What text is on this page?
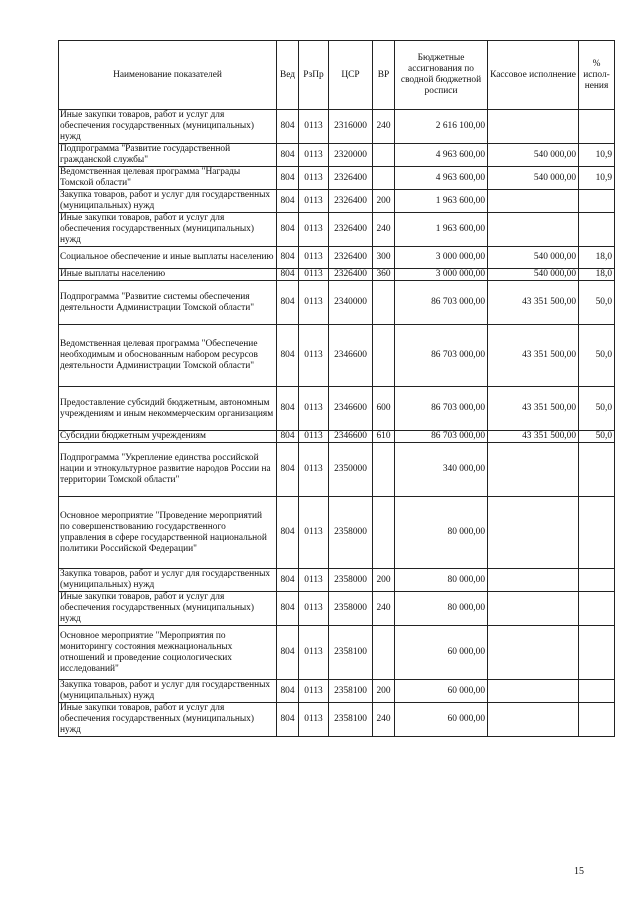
Наименование показателей	Вед	РзПр	ЦСР	ВР	Бюджетные ассигнования по сводной бюджетной росписи	Кассовое исполнение	% испол-нения
Иные закупки товаров, работ и услуг для обеспечения государственных (муниципальных) нужд	804	0113	2316000	240	2 616 100,00		
Подпрограмма "Развитие государственной гражданской службы"	804	0113	2320000		4 963 600,00	540 000,00	10,9
Ведомственная целевая программа "Награды Томской области"	804	0113	2326400		4 963 600,00	540 000,00	10,9
Закупка товаров, работ и услуг для государственных (муниципальных) нужд	804	0113	2326400	200	1 963 600,00		
Иные закупки товаров, работ и услуг для обеспечения государственных (муниципальных) нужд	804	0113	2326400	240	1 963 600,00		
Социальное обеспечение и иные выплаты населению	804	0113	2326400	300	3 000 000,00	540 000,00	18,0
Иные выплаты населению	804	0113	2326400	360	3 000 000,00	540 000,00	18,0
Подпрограмма "Развитие системы обеспечения деятельности Администрации Томской области"	804	0113	2340000		86 703 000,00	43 351 500,00	50,0
Ведомственная целевая программа "Обеспечение необходимым и обоснованным набором ресурсов деятельности Администрации Томской области"	804	0113	2346600		86 703 000,00	43 351 500,00	50,0
Предоставление субсидий бюджетным, автономным учреждениям и иным некоммерческим организациям	804	0113	2346600	600	86 703 000,00	43 351 500,00	50,0
Субсидии бюджетным учреждениям	804	0113	2346600	610	86 703 000,00	43 351 500,00	50,0
Подпрограмма "Укрепление единства российской нации и этнокультурное развитие народов России на территории Томской области"	804	0113	2350000		340 000,00		
Основное мероприятие "Проведение мероприятий по совершенствованию государственного управления в сфере государственной национальной политики Российской Федерации"	804	0113	2358000		80 000,00		
Закупка товаров, работ и услуг для государственных (муниципальных) нужд	804	0113	2358000	200	80 000,00		
Иные закупки товаров, работ и услуг для обеспечения государственных (муниципальных) нужд	804	0113	2358000	240	80 000,00		
Основное мероприятие "Мероприятия по мониторингу состояния межнациональных отношений и проведение социологических исследований"	804	0113	2358100		60 000,00		
Закупка товаров, работ и услуг для государственных (муниципальных) нужд	804	0113	2358100	200	60 000,00		
Иные закупки товаров, работ и услуг для обеспечения государственных (муниципальных) нужд	804	0113	2358100	240	60 000,00		
15
